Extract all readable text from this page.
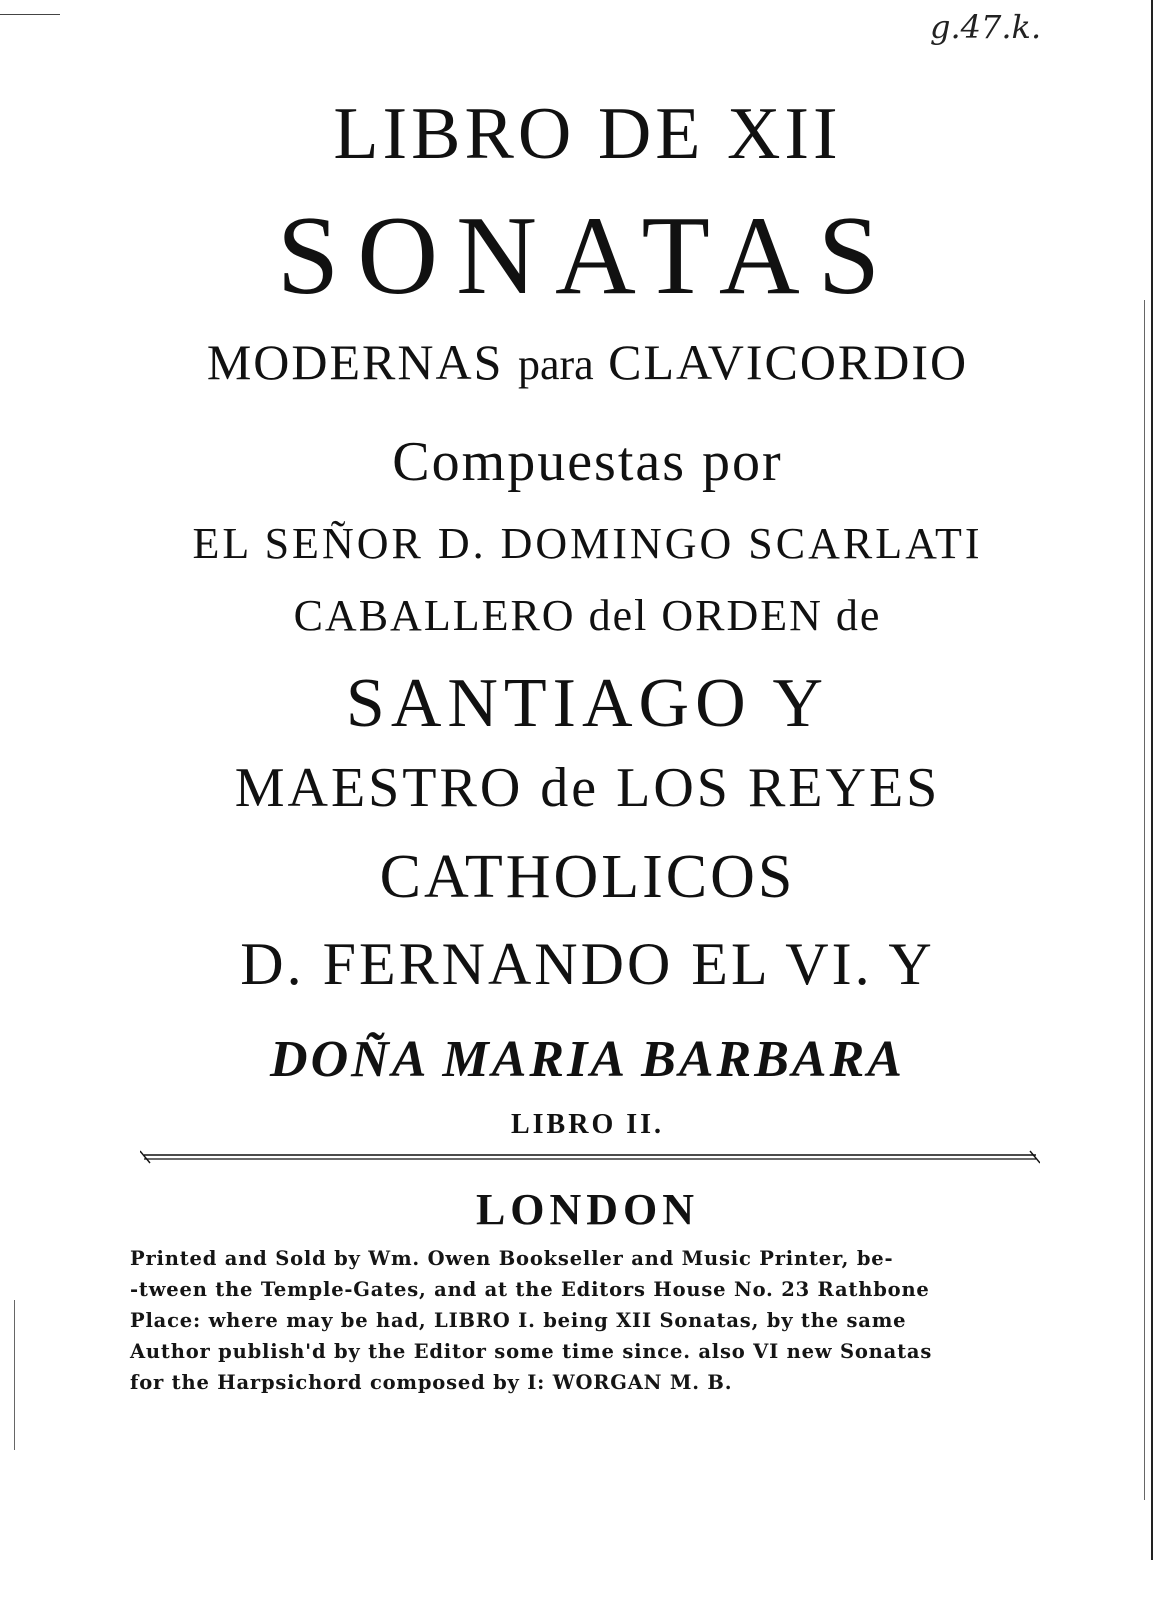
g.47.k.
LIBRO DE XII
SONATAS
MODERNAS para CLAVICORDIO
Compuestas por
EL SEÑOR D. DOMINGO SCARLATI
CABALLERO del ORDEN de
SANTIAGO Y
MAESTRO de LOS REYES
CATHOLICOS
D. FERNANDO EL VI. Y
DOÑA MARIA BARBARA
LIBRO II.
LONDON
Printed and Sold by Wm. Owen Bookseller and Music Printer, be-
-tween the Temple-Gates, and at the Editors House No. 23 Rathbone
Place: where may be had, LIBRO I. being XII Sonatas, by the same
Author publish'd by the Editor some time since. also VI new Sonatas
for the Harpsichord composed by I: WORGAN M. B.
